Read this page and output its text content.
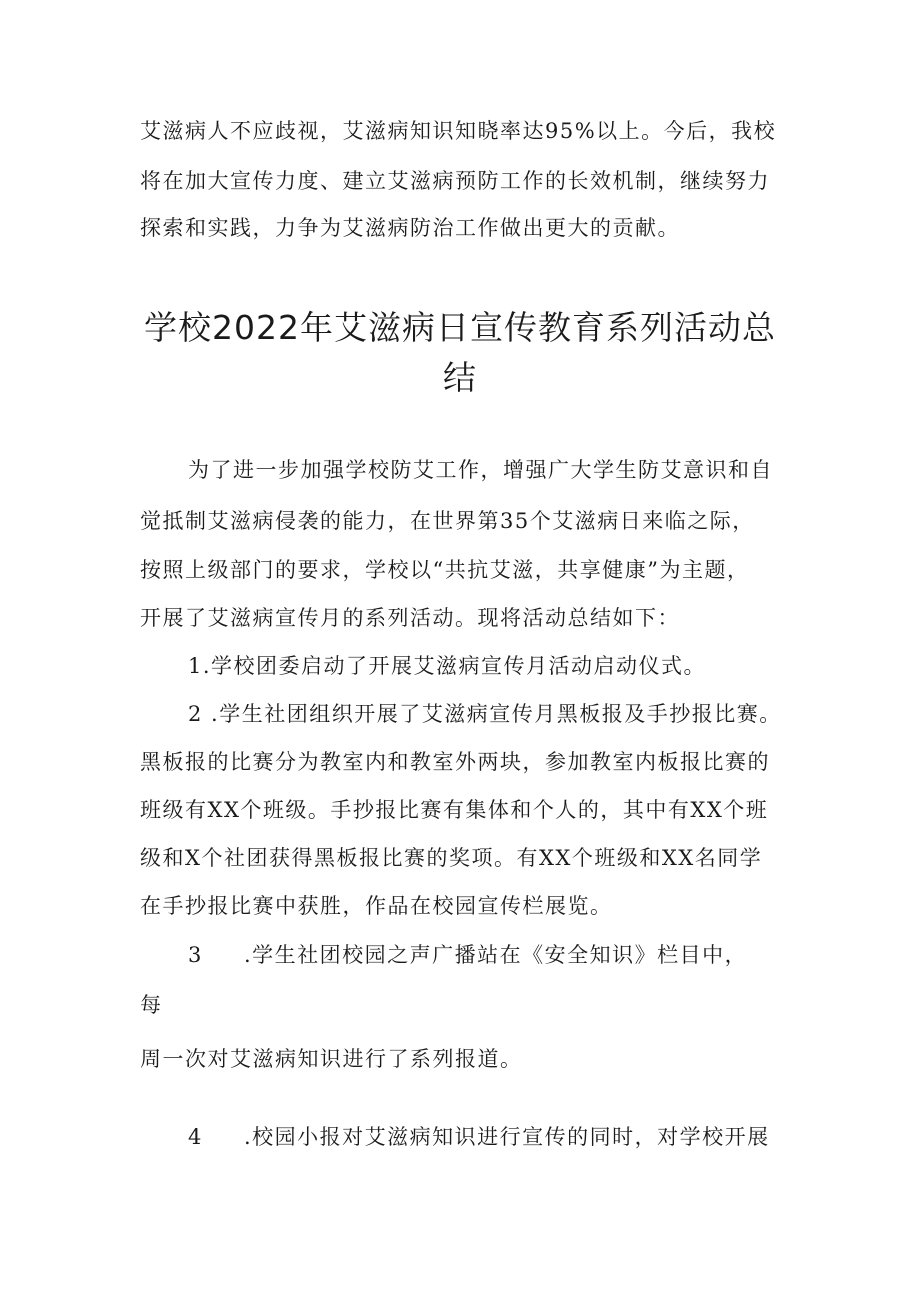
艾滋病人不应歧视，艾滋病知识知晓率达95%以上。今后，我校

将在加大宣传力度、建立艾滋病预防工作的长效机制，继续努力

探索和实践，力争为艾滋病防治工作做出更大的贡献。

学校2022年艾滋病日宣传教育系列活动总
结

为了进一步加强学校防艾工作，增强广大学生防艾意识和自

觉抵制艾滋病侵袭的能力，在世界第35个艾滋病日来临之际，

按照上级部门的要求，学校以“共抗艾滋，共享健康”为主题，

开展了艾滋病宣传月的系列活动。现将活动总结如下：

1.学校团委启动了开展艾滋病宣传月活动启动仪式。

2 .学生社团组织开展了艾滋病宣传月黑板报及手抄报比赛。

黑板报的比赛分为教室内和教室外两块，参加教室内板报比赛的

班级有XX个班级。手抄报比赛有集体和个人的，其中有XX个班

级和X个社团获得黑板报比赛的奖项。有XX个班级和XX名同学

在手抄报比赛中获胜，作品在校园宣传栏展览。

3 .学生社团校园之声广播站在《安全知识》栏目中，

每

周一次对艾滋病知识进行了系列报道。

4 .校园小报对艾滋病知识进行宣传的同时，对学校开展
